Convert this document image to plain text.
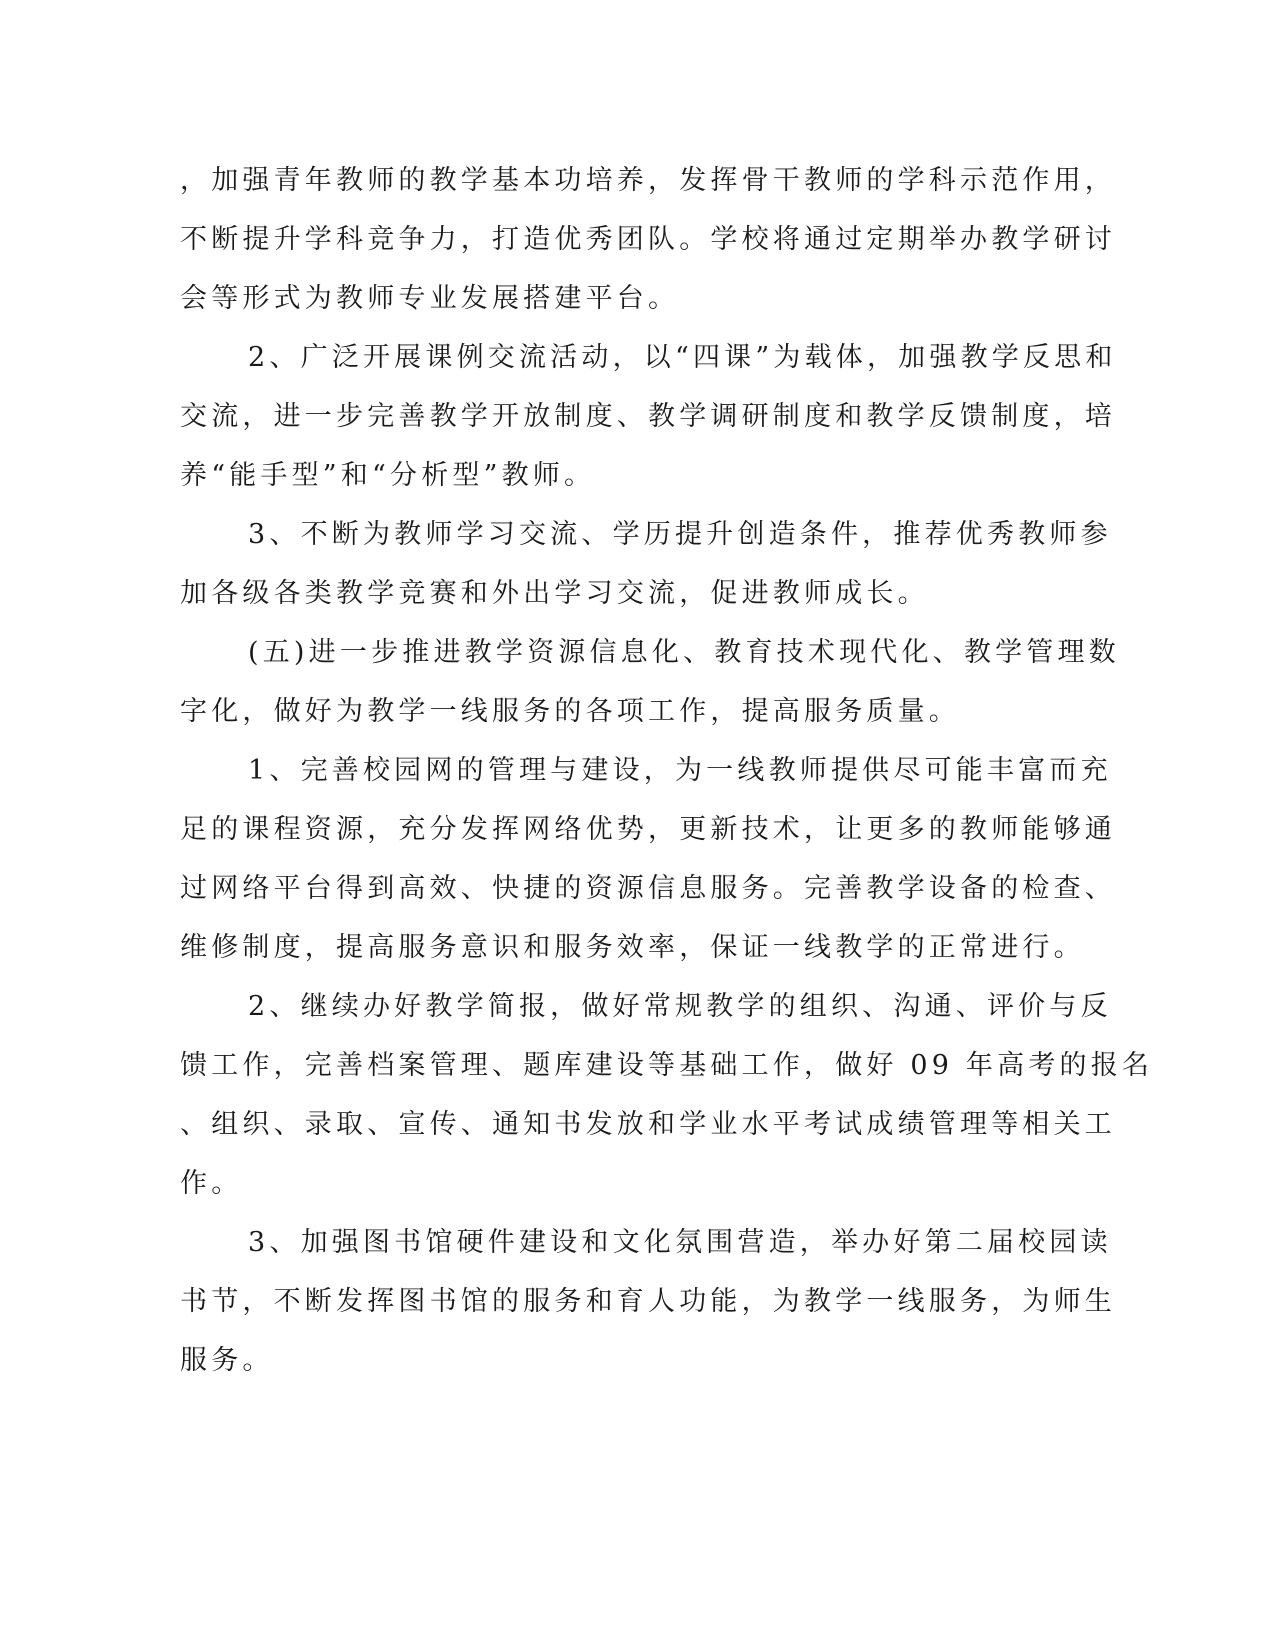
，加强青年教师的教学基本功培养，发挥骨干教师的学科示范作用，
不断提升学科竞争力，打造优秀团队。学校将通过定期举办教学研讨
会等形式为教师专业发展搭建平台。
2、广泛开展课例交流活动，以“四课”为载体，加强教学反思和
交流，进一步完善教学开放制度、教学调研制度和教学反馈制度，培
养“能手型”和“分析型”教师。
3、不断为教师学习交流、学历提升创造条件，推荐优秀教师参
加各级各类教学竞赛和外出学习交流，促进教师成长。
(五)进一步推进教学资源信息化、教育技术现代化、教学管理数
字化，做好为教学一线服务的各项工作，提高服务质量。
1、完善校园网的管理与建设，为一线教师提供尽可能丰富而充
足的课程资源，充分发挥网络优势，更新技术，让更多的教师能够通
过网络平台得到高效、快捷的资源信息服务。完善教学设备的检查、
维修制度，提高服务意识和服务效率，保证一线教学的正常进行。
2、继续办好教学简报，做好常规教学的组织、沟通、评价与反
馈工作，完善档案管理、题库建设等基础工作，做好 09 年高考的报名
、组织、录取、宣传、通知书发放和学业水平考试成绩管理等相关工
作。
3、加强图书馆硬件建设和文化氛围营造，举办好第二届校园读
书节，不断发挥图书馆的服务和育人功能，为教学一线服务，为师生
服务。
